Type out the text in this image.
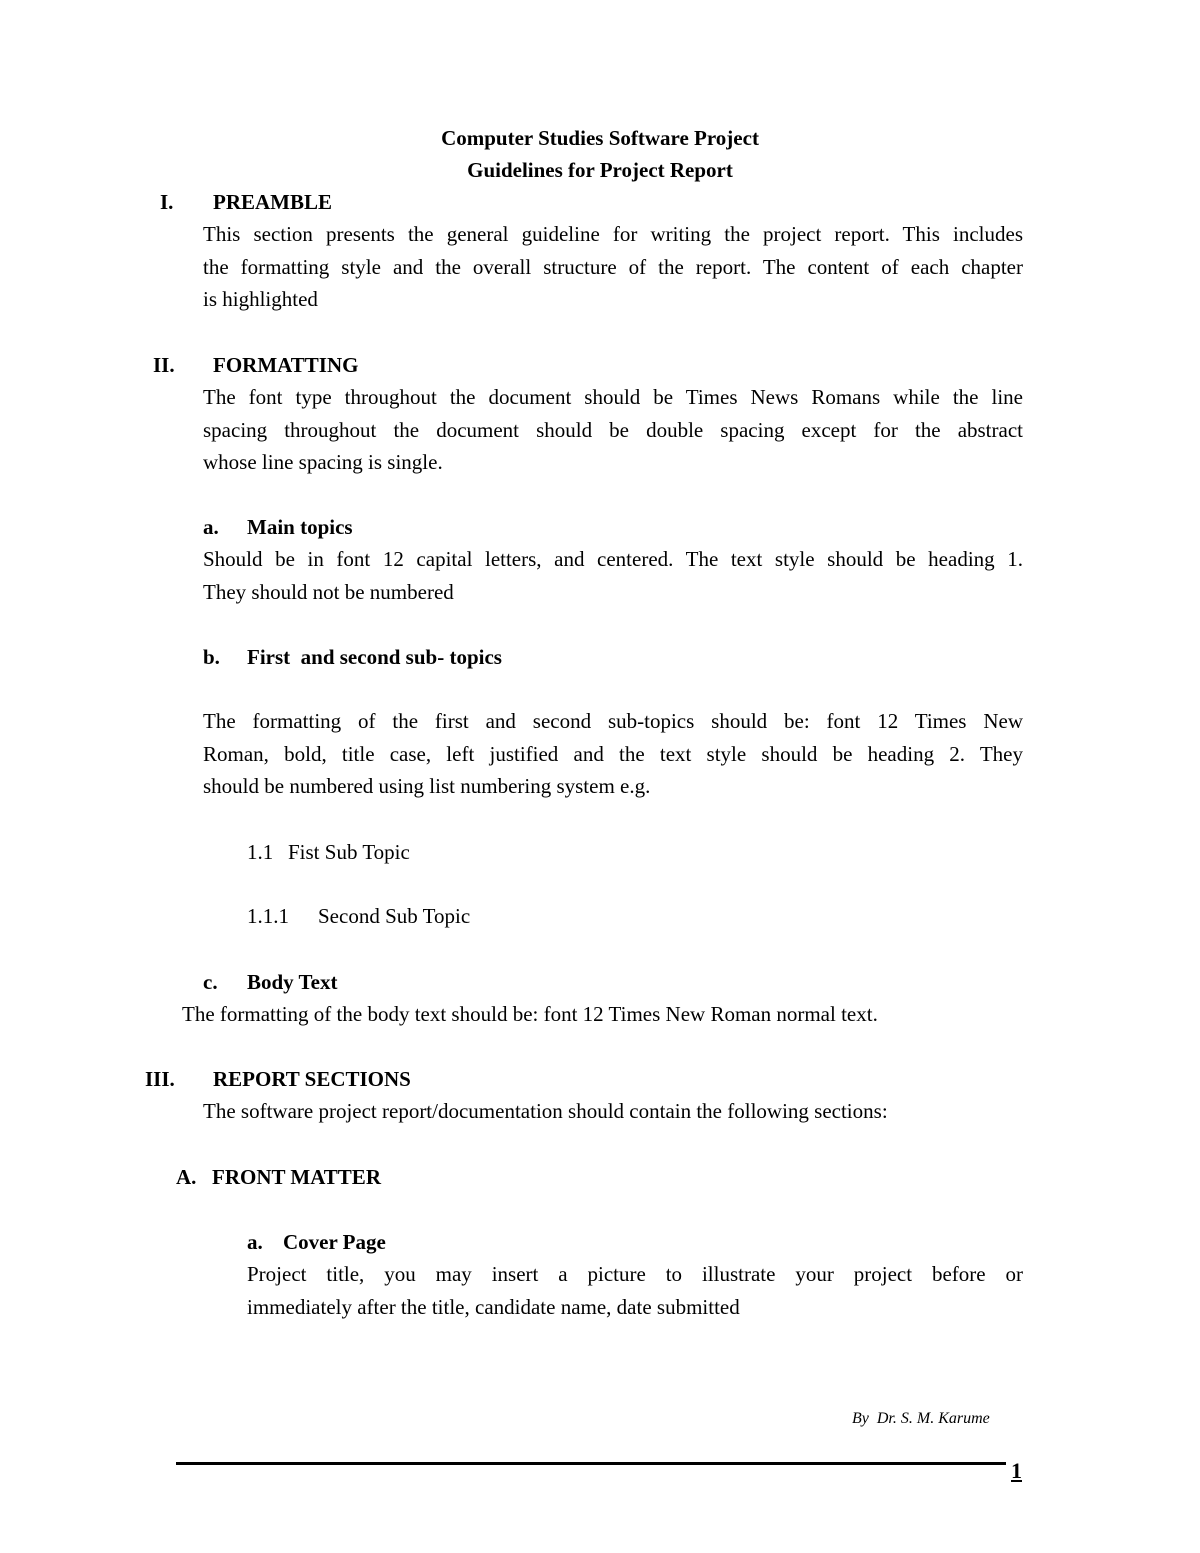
Computer Studies Software Project
Guidelines for Project Report
I. PREAMBLE
This section presents the general guideline for writing the project report. This includes
the formatting style and the overall structure of the report. The content of each chapter
is highlighted
II. FORMATTING
The font type throughout the document should be Times News Romans while the line
spacing throughout the document should be double spacing except for the abstract
whose line spacing is single.
a. Main topics
Should be in font 12 capital letters, and centered. The text style should be heading 1.
They should not be numbered
b. First  and second sub- topics
The formatting of the first and second sub-topics should be: font 12 Times New
Roman, bold, title case, left justified and the text style should be heading 2. They
should be numbered using list numbering system e.g.
1.1 Fist Sub Topic
1.1.1 Second Sub Topic
c. Body Text
The formatting of the body text should be: font 12 Times New Roman normal text.
III. REPORT SECTIONS
The software project report/documentation should contain the following sections:
A. FRONT MATTER
a. Cover Page
Project title, you may insert a picture to illustrate your project before or
immediately after the title, candidate name, date submitted
By  Dr. S. M. Karume
1
